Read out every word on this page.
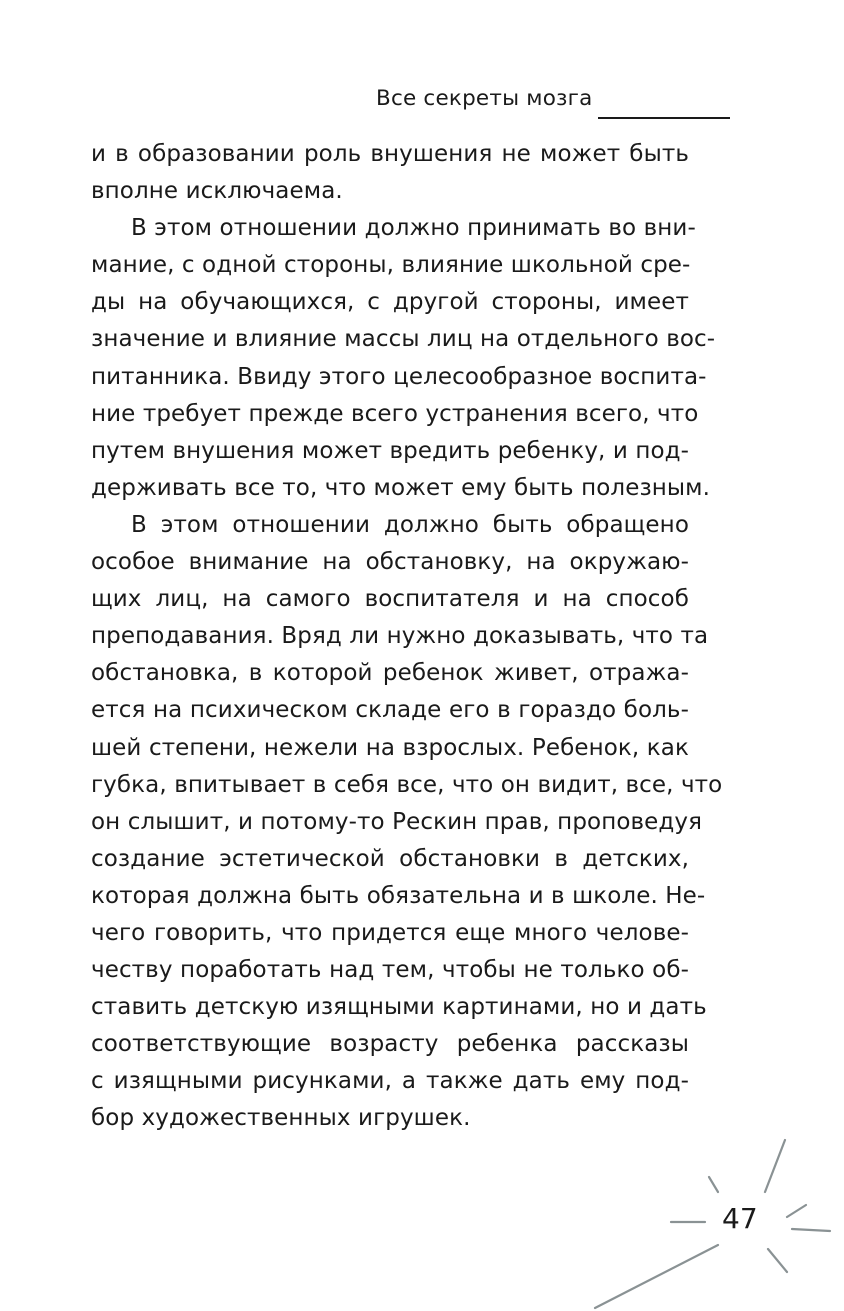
Все секреты мозга
и в образовании роль внушения не может быть
вполне исключаема.
В этом отношении должно принимать во вни-
мание, с одной стороны, влияние школьной сре-
ды на обучающихся, с другой стороны, имеет
значение и влияние массы лиц на отдельного вос-
питанника. Ввиду этого целесообразное воспита-
ние требует прежде всего устранения всего, что
путем внушения может вредить ребенку, и под-
держивать все то, что может ему быть полезным.
В этом отношении должно быть обращено
особое внимание на обстановку, на окружаю-
щих лиц, на самого воспитателя и на способ
преподавания. Вряд ли нужно доказывать, что та
обстановка, в которой ребенок живет, отража-
ется на психическом складе его в гораздо боль-
шей степени, нежели на взрослых. Ребенок, как
губка, впитывает в себя все, что он видит, все, что
он слышит, и потому-то Рескин прав, проповедуя
создание эстетической обстановки в детских,
которая должна быть обязательна и в школе. Не-
чего говорить, что придется еще много челове-
честву поработать над тем, чтобы не только об-
ставить детскую изящными картинами, но и дать
соответствующие возрасту ребенка рассказы
с изящными рисунками, а также дать ему под-
бор художественных игрушек.
47
